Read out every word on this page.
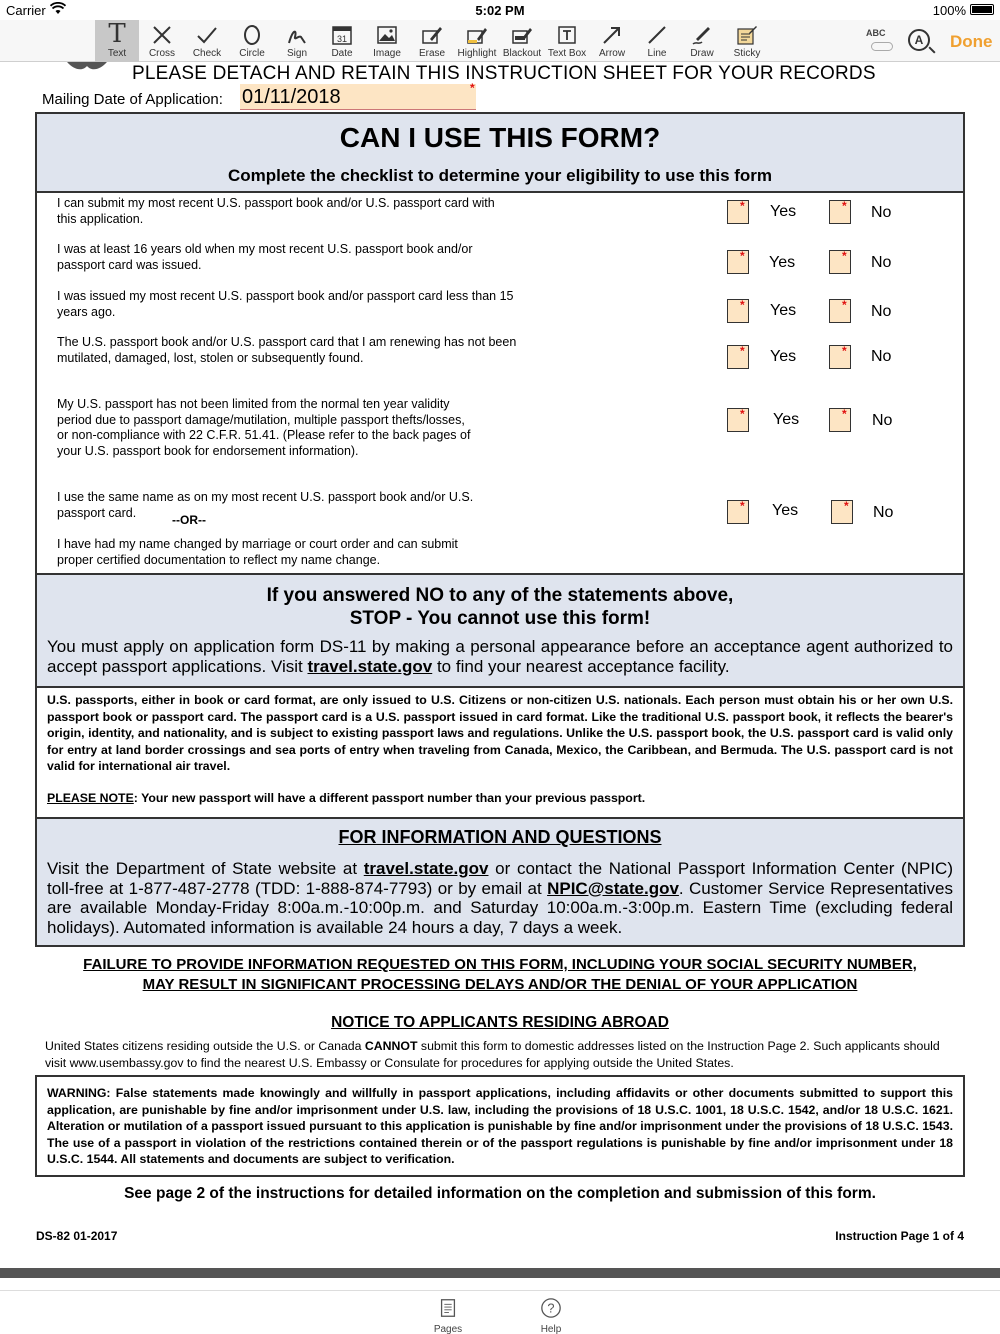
Carrier	5:02 PM	100%
T
Text	Cross	Check	Circle	Sign
31
Date	Image	Erase	Highlight Blackout Text Box	Arrow	Line	Draw	Sticky
ABC	A	Done
PLEASE DETACH AND RETAIN THIS INSTRUCTION SHEET FOR YOUR RECORDS
Mailing Date of Application: 01/11/2018	*
CAN I USE THIS FORM?
Complete the checklist to determine your eligibility to use this form
I can submit my most recent U.S. passport book and/or U.S. passport card with this application.
* Yes	* No
I was at least 16 years old when my most recent U.S. passport book and/or passport card was issued.
* Yes	* No
I was issued my most recent U.S. passport book and/or passport card less than 15 years ago.	* Yes	* No
The U.S. passport book and/or U.S. passport card that I am renewing has not been mutilated, damaged, lost, stolen or subsequently found.	* Yes	* No
My U.S. passport has not been limited from the normal ten year validity period due to passport damage/mutilation, multiple passport thefts/losses, or non-compliance with 22 C.F.R. 51.41. (Please refer to the back pages of your U.S. passport book for endorsement information).
* Yes	* No
I use the same name as on my most recent U.S. passport book and/or U.S. passport card.
--OR--
I have had my name changed by marriage or court order and can submit proper certified documentation to reflect my name change.
* Yes	* No
If you answered NO to any of the statements above,
STOP - You cannot use this form!
You must apply on application form DS-11 by making a personal appearance before an acceptance agent authorized to accept passport applications. Visit travel.state.gov to find your nearest acceptance facility.
U.S. passports, either in book or card format, are only issued to U.S. Citizens or non-citizen U.S. nationals. Each person must obtain his or her own U.S. passport book or passport card. The passport card is a U.S. passport issued in card format. Like the traditional U.S. passport book, it reflects the bearer's origin, identity, and nationality, and is subject to existing passport laws and regulations. Unlike the U.S. passport book, the U.S. passport card is valid only for entry at land border crossings and sea ports of entry when traveling from Canada, Mexico, the Caribbean, and Bermuda. The U.S. passport card is not valid for international air travel.
PLEASE NOTE: Your new passport will have a different passport number than your previous passport.
FOR INFORMATION AND QUESTIONS
Visit the Department of State website at travel.state.gov or contact the National Passport Information Center (NPIC) toll-free at 1-877-487-2778 (TDD: 1-888-874-7793) or by email at NPIC@state.gov. Customer Service Representatives are available Monday-Friday 8:00a.m.-10:00p.m. and Saturday 10:00a.m.-3:00p.m. Eastern Time (excluding federal holidays). Automated information is available 24 hours a day, 7 days a week.
FAILURE TO PROVIDE INFORMATION REQUESTED ON THIS FORM, INCLUDING YOUR SOCIAL SECURITY NUMBER,
MAY RESULT IN SIGNIFICANT PROCESSING DELAYS AND/OR THE DENIAL OF YOUR APPLICATION
NOTICE TO APPLICANTS RESIDING ABROAD
United States citizens residing outside the U.S. or Canada CANNOT submit this form to domestic addresses listed on the Instruction Page 2. Such applicants should visit www.usembassy.gov to find the nearest U.S. Embassy or Consulate for procedures for applying outside the United States.
WARNING: False statements made knowingly and willfully in passport applications, including affidavits or other documents submitted to support this application, are punishable by fine and/or imprisonment under U.S. law, including the provisions of 18 U.S.C. 1001, 18 U.S.C. 1542, and/or 18 U.S.C. 1621. Alteration or mutilation of a passport issued pursuant to this application is punishable by fine and/or imprisonment under the provisions of 18 U.S.C. 1543. The use of a passport in violation of the restrictions contained therein or of the passport regulations is punishable by fine and/or imprisonment under 18 U.S.C. 1544. All statements and documents are subject to verification.
See page 2 of the instructions for detailed information on the completion and submission of this form.
DS-82 01-2017	Instruction Page 1 of 4
Pages
?
Help
